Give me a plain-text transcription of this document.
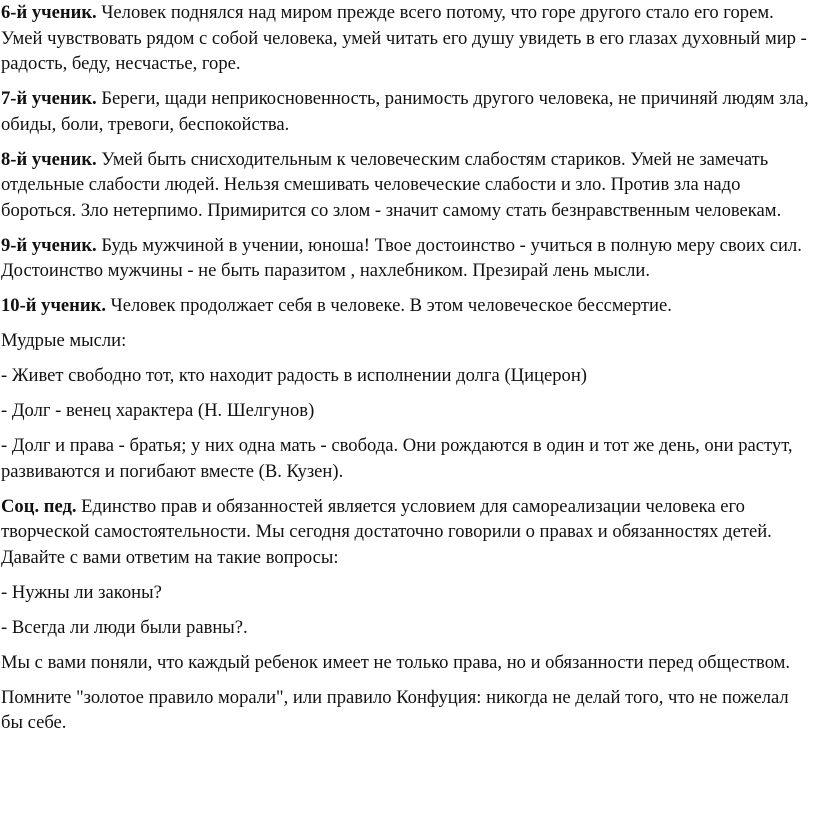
6-й ученик. Человек поднялся над миром прежде всего потому, что горе другого стало его горем. Умей чувствовать рядом с собой человека, умей читать его душу увидеть в его глазах духовный мир - радость, беду, несчастье, горе.

7-й ученик. Береги, щади неприкосновенность, ранимость другого человека, не причиняй людям зла, обиды, боли, тревоги, беспокойства.

8-й ученик. Умей быть снисходительным к человеческим слабостям стариков. Умей не замечать отдельные слабости людей. Нельзя смешивать человеческие слабости и зло. Против зла надо бороться. Зло нетерпимо. Примирится со злом - значит самому стать безнравственным человекам.

9-й ученик. Будь мужчиной в учении, юноша! Твое достоинство - учиться в полную меру своих сил. Достоинство мужчины - не быть паразитом , нахлебником. Презирай лень мысли.

10-й ученик. Человек продолжает себя в человеке. В этом человеческое бессмертие.

Мудрые мысли:

- Живет свободно тот, кто находит радость в исполнении долга (Цицерон)

- Долг - венец характера (Н. Шелгунов)

- Долг и права - братья; у них одна мать - свобода. Они рождаются в один и тот же день, они растут, развиваются и погибают вместе (В. Кузен).

Соц. пед. Единство прав и обязанностей является условием для самореализации человека его творческой самостоятельности. Мы сегодня достаточно говорили о правах и обязанностях детей. Давайте с вами ответим на такие вопросы:

- Нужны ли законы?

- Всегда ли люди были равны?.

Мы с вами поняли, что каждый ребенок имеет не только права, но и обязанности перед обществом.

Помните "золотое правило морали", или правило Конфуция: никогда не делай того, что не пожелал бы себе.
